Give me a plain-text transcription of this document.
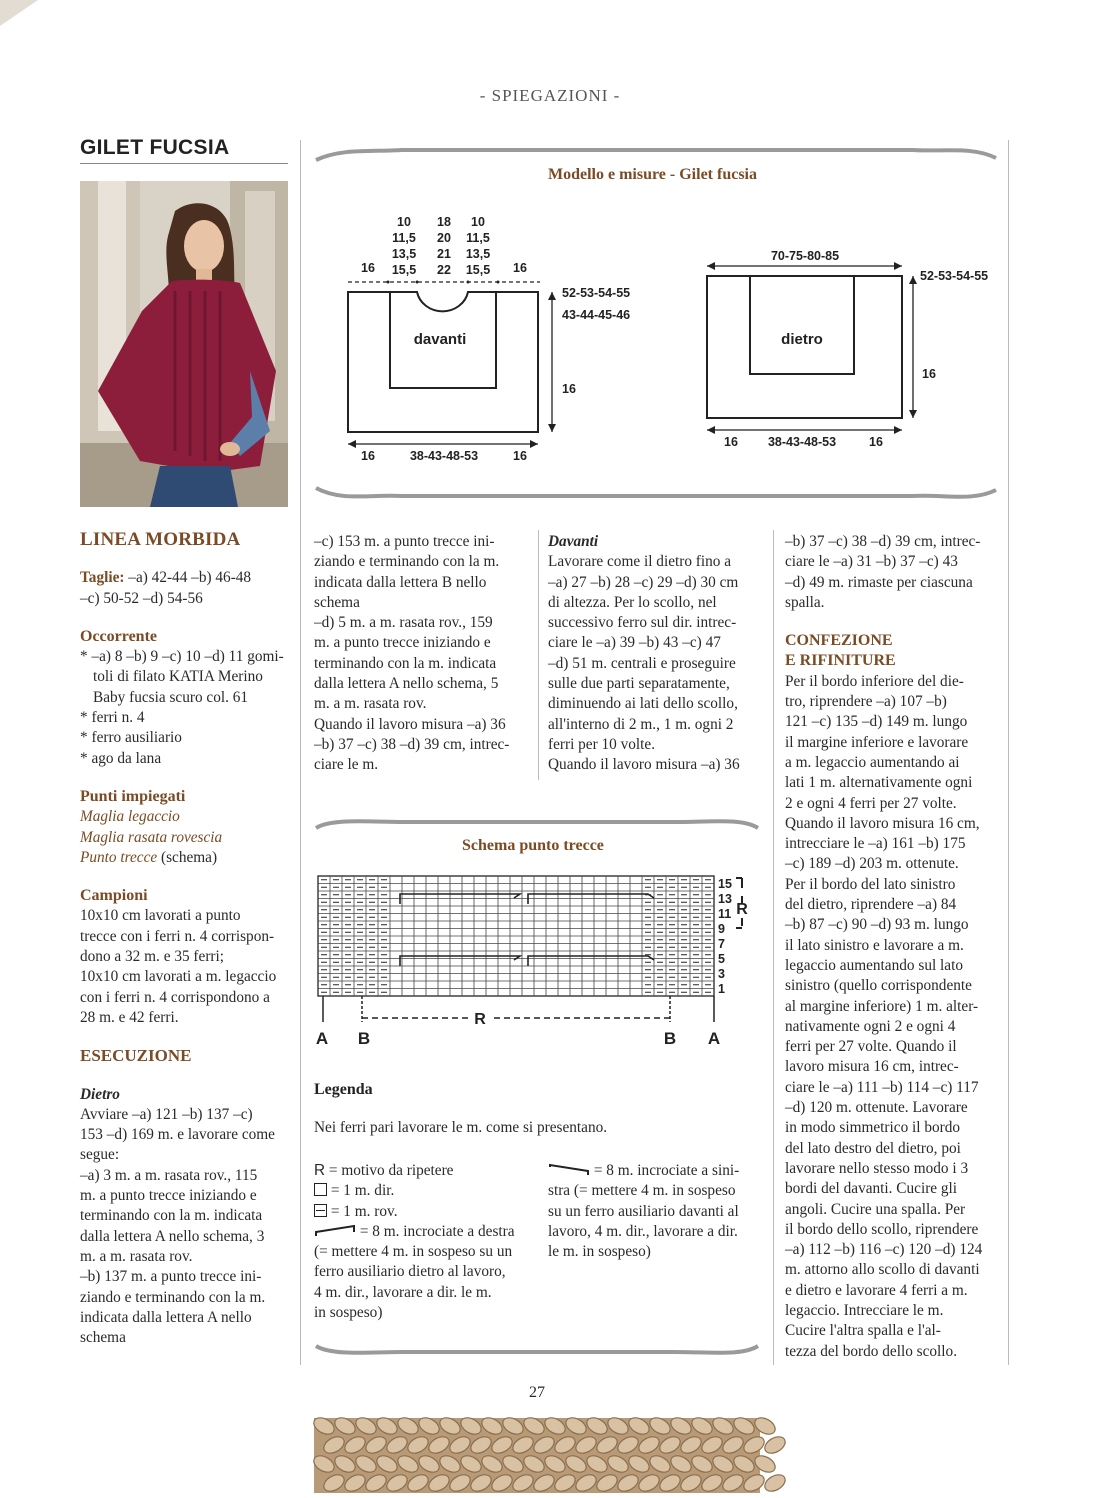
- SPIEGAZIONI -
GILET FUCSIA
Modello e misure - Gilet fucsia
10 18 10
11,5 20 11,5
13,5 21 13,5
15,5 22 15,5
16	16
davanti
52-53-54-55
43-44-45-46
16
16	38-43-48-53	16
70-75-80-85
dietro
52-53-54-55
16
16 38-43-48-53	16
LINEA MORBIDA

Taglie: –a) 42-44 –b) 46-48

–c) 50-52 –d) 54-56

Occorrente

* –a) 8 –b) 9 –c) 10 –d) 11 gomi-

toli di filato KATIA Merino

Baby fucsia scuro col. 61

* ferri n. 4

* ferro ausiliario

* ago da lana

Punti impiegati

Maglia legaccio

Maglia rasata rovescia

Punto trecce (schema)

Campioni

10x10 cm lavorati a punto

trecce con i ferri n. 4 corrispon-

dono a 32 m. e 35 ferri;

10x10 cm lavorati a m. legaccio

con i ferri n. 4 corrispondono a

28 m. e 42 ferri.

ESECUZIONE

Dietro

Avviare –a) 121 –b) 137 –c)

153 –d) 169 m. e lavorare come

segue:

–a) 3 m. a m. rasata rov., 115

m. a punto trecce iniziando e

terminando con la m. indicata

dalla lettera A nello schema, 3

m. a m. rasata rov.

–b) 137 m. a punto trecce ini-

ziando e terminando con la m.

indicata dalla lettera A nello

schema

–c) 153 m. a punto trecce ini-

ziando e terminando con la m.

indicata dalla lettera B nello

schema

–d) 5 m. a m. rasata rov., 159

m. a punto trecce iniziando e

terminando con la m. indicata

dalla lettera A nello schema, 5

m. a m. rasata rov.

Quando il lavoro misura –a) 36

–b) 37 –c) 38 –d) 39 cm, intrec-

ciare le m.

Davanti

Lavorare come il dietro fino a

–a) 27 –b) 28 –c) 29 –d) 30 cm

di altezza. Per lo scollo, nel

successivo ferro sul dir. intrec-

ciare le –a) 39 –b) 43 –c) 47

–d) 51 m. centrali e proseguire

sulle due parti separatamente,

diminuendo ai lati dello scollo,

all'interno di 2 m., 1 m. ogni 2

ferri per 10 volte.

Quando il lavoro misura –a) 36

–b) 37 –c) 38 –d) 39 cm, intrec-

ciare le –a) 31 –b) 37 –c) 43

–d) 49 m. rimaste per ciascuna

spalla.

CONFEZIONE

E RIFINITURE

Per il bordo inferiore del die-

tro, riprendere –a) 107 –b)

121 –c) 135 –d) 149 m. lungo

il margine inferiore e lavorare

a m. legaccio aumentando ai

lati 1 m. alternativamente ogni

2 e ogni 4 ferri per 27 volte.

Quando il lavoro misura 16 cm,

intrecciare le –a) 161 –b) 175

–c) 189 –d) 203 m. ottenute.

Per il bordo del lato sinistro

del dietro, riprendere –a) 84

–b) 87 –c) 90 –d) 93 m. lungo

il lato sinistro e lavorare a m.

legaccio aumentando sul lato

sinistro (quello corrispondente

al margine inferiore) 1 m. alter-

nativamente ogni 2 e ogni 4

ferri per 27 volte. Quando il

lavoro misura 16 cm, intrec-

ciare le –a) 111 –b) 114 –c) 117

–d) 120 m. ottenute. Lavorare

in modo simmetrico il bordo

del lato destro del dietro, poi

lavorare nello stesso modo i 3

bordi del davanti. Cucire gli

angoli. Cucire una spalla. Per

il bordo dello scollo, riprendere

–a) 112 –b) 116 –c) 120 –d) 124

m. attorno allo scollo di davanti

e dietro e lavorare 4 ferri a m.

legaccio. Intrecciare le m.

Cucire l'altra spalla e l'al-

tezza del bordo dello scollo.

Schema punto trecce
15
13
11
9
7
5
3
1
R
R
A B	B A

Legenda

Nei ferri pari lavorare le m. come si presentano.

R = motivo da ripetere

= 1 m. dir.

= 1 m. rov.

= 8 m. incrociate a destra

(= mettere 4 m. in sospeso su un

ferro ausiliario dietro al lavoro,

4 m. dir., lavorare a dir. le m.

in sospeso)

= 8 m. incrociate a sini-

stra (= mettere 4 m. in sospeso

su un ferro ausiliario davanti al

lavoro, 4 m. dir., lavorare a dir.

le m. in sospeso)

27
